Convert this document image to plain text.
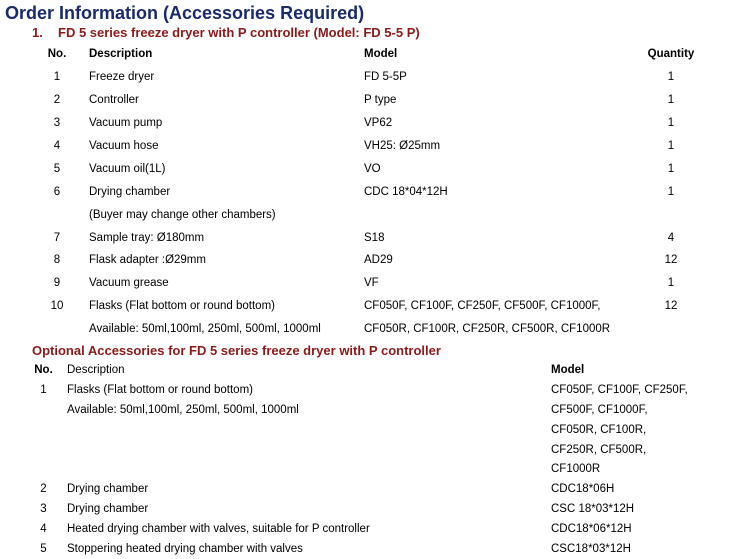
Order Information (Accessories Required)
1. FD 5 series freeze dryer with P controller (Model: FD 5-5 P)
No.	Description	Model	Quantity
1	Freeze dryer	FD 5-5P	1
2	Controller	P type	1
3	Vacuum pump	VP62	1
4	Vacuum hose	VH25: Ø25mm	1
5	Vacuum oil(1L)	VO	1
6	Drying chamber	CDC 18*04*12H	1
	(Buyer may change other chambers)		
7	Sample tray: Ø180mm	S18	4
8	Flask adapter :Ø29mm	AD29	12
9	Vacuum grease	VF	1
10	Flasks (Flat bottom or round bottom)	CF050F, CF100F, CF250F, CF500F, CF1000F,	12
	Available: 50ml,100ml, 250ml, 500ml, 1000ml	CF050R, CF100R, CF250R, CF500R, CF1000R	
Optional Accessories for FD 5 series freeze dryer with P controller
No.	Description	Model
1	Flasks (Flat bottom or round bottom)	CF050F, CF100F, CF250F,
	Available: 50ml,100ml, 250ml, 500ml, 1000ml	CF500F, CF1000F,
		CF050R, CF100R,
		CF250R, CF500R,
		CF1000R
2	Drying chamber	CDC18*06H
3	Drying chamber	CSC 18*03*12H
4	Heated drying chamber with valves, suitable for P controller	CDC18*06*12H
5	Stoppering heated drying chamber with valves	CSC18*03*12H
